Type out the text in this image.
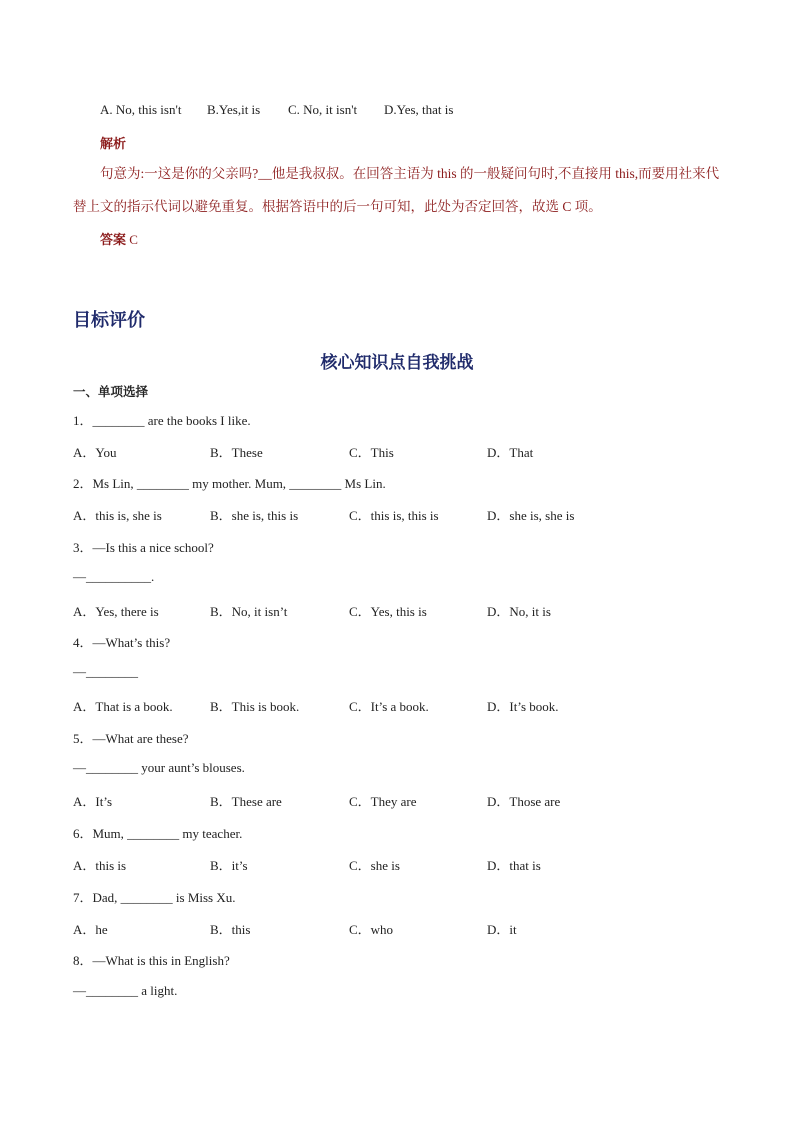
A. No, this isn't B.Yes,it is C. No, it isn't D.Yes, that is
解析
句意为:一这是你的父亲吗?__他是我叔叔。在回答主语为 this 的一般疑问句时,不直接用 this,而要用社来代替上文的指示代词以避免重复。根据答语中的后一句可知，此处为否定回答，故选 C 项。
答案 C
目标评价
核心知识点自我挑战
一、单项选择
1．________ are the books I like.
A．You	B．These	C．This	D．That
2．Ms Lin, ________ my mother. Mum, ________ Ms Lin.
A．this is, she is	B．she is, this is	C．this is, this is	D．she is, she is
3．—Is this a nice school?
—__________.
A．Yes, there is	B．No, it isn’t	C．Yes, this is	D．No, it is
4．—What’s this?
—________
A．That is a book.	B．This is book.	C．It’s a book.	D．It’s book.
5．—What are these?
—________ your aunt’s blouses.
A．It’s	B．These are	C．They are	D．Those are
6．Mum, ________ my teacher.
A．this is	B．it’s	C．she is	D．that is
7．Dad, ________ is Miss Xu.
A．he	B．this	C．who	D．it
8．—What is this in English?
—________ a light.
